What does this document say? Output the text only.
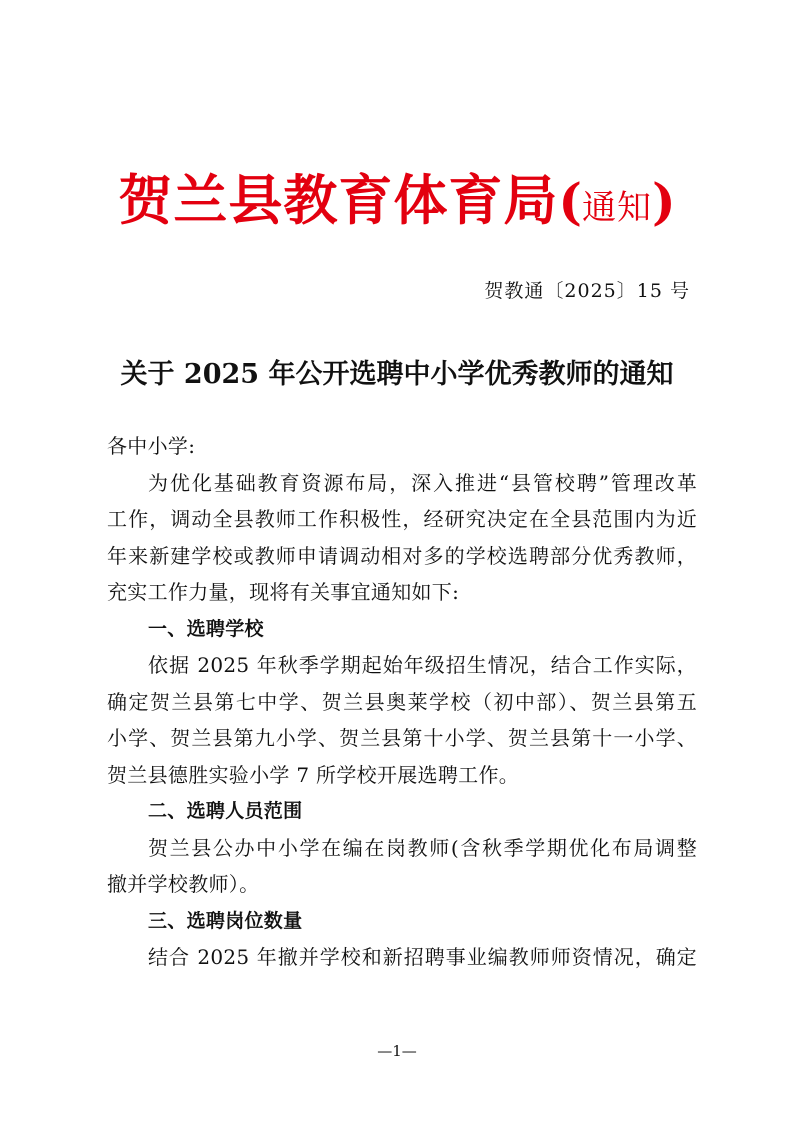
贺兰县教育体育局(通知)
贺教通〔2025〕15 号
关于 2025 年公开选聘中小学优秀教师的通知
各中小学:
为优化基础教育资源布局，深入推进“县管校聘”管理改革
工作，调动全县教师工作积极性，经研究决定在全县范围内为近
年来新建学校或教师申请调动相对多的学校选聘部分优秀教师，
充实工作力量，现将有关事宜通知如下:
一、选聘学校
依据 2025 年秋季学期起始年级招生情况，结合工作实际，
确定贺兰县第七中学、贺兰县奥莱学校（初中部）、贺兰县第五
小学、贺兰县第九小学、贺兰县第十小学、贺兰县第十一小学、
贺兰县德胜实验小学 7 所学校开展选聘工作。
二、选聘人员范围
贺兰县公办中小学在编在岗教师(含秋季学期优化布局调整
撤并学校教师）。
三、选聘岗位数量
结合 2025 年撤并学校和新招聘事业编教师师资情况，确定
—1—
